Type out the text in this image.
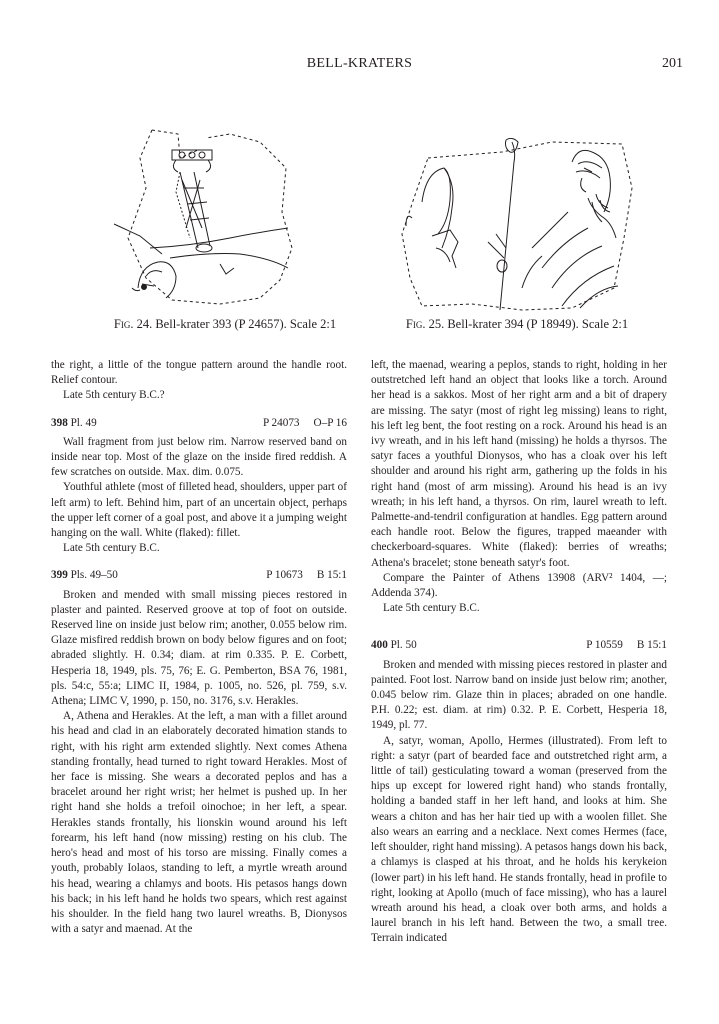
BELL-KRATERS	201
Fig. 24. Bell-krater 393 (P 24657). Scale 2:1	Fig. 25. Bell-krater 394 (P 18949). Scale 2:1

the right, a little of the tongue pattern around the handle root. Relief contour.

Late 5th century B.C.?

398 Pl. 49	P 24073 O–P 16

Wall fragment from just below rim. Narrow reserved band on inside near top. Most of the glaze on the inside fired reddish. A few scratches on outside. Max. dim. 0.075.

Youthful athlete (most of filleted head, shoulders, upper part of left arm) to left. Behind him, part of an uncertain object, perhaps the upper left corner of a goal post, and above it a jumping weight hanging on the wall. White (flaked): fillet.

Late 5th century B.C.

399 Pls. 49–50	P 10673 B 15:1

Broken and mended with small missing pieces restored in plaster and painted. Reserved groove at top of foot on outside. Reserved line on inside just below rim; another, 0.055 below rim. Glaze misfired reddish brown on body below figures and on foot; abraded slightly. H. 0.34; diam. at rim 0.335. P. E. Corbett, Hesperia 18, 1949, pls. 75, 76; E. G. Pemberton, BSA 76, 1981, pls. 54:c, 55:a; LIMC II, 1984, p. 1005, no. 526, pl. 759, s.v. Athena; LIMC V, 1990, p. 150, no. 3176, s.v. Herakles.

A, Athena and Herakles. At the left, a man with a fillet around his head and clad in an elaborately decorated himation stands to right, with his right arm extended slightly. Next comes Athena standing frontally, head turned to right toward Herakles. Most of her face is missing. She wears a decorated peplos and has a bracelet around her right wrist; her helmet is pushed up. In her right hand she holds a trefoil oinochoe; in her left, a spear. Herakles stands frontally, his lionskin wound around his left forearm, his left hand (now missing) resting on his club. The hero's head and most of his torso are missing. Finally comes a youth, probably Iolaos, standing to left, a myrtle wreath around his head, wearing a chlamys and boots. His petasos hangs down his back; in his left hand he holds two spears, which rest against his shoulder. In the field hang two laurel wreaths. B, Dionysos with a satyr and maenad. At the

left, the maenad, wearing a peplos, stands to right, holding in her outstretched left hand an object that looks like a torch. Around her head is a sakkos. Most of her right arm and a bit of drapery are missing. The satyr (most of right leg missing) leans to right, his left leg bent, the foot resting on a rock. Around his head is an ivy wreath, and in his left hand (missing) he holds a thyrsos. The satyr faces a youthful Dionysos, who has a cloak over his left shoulder and around his right arm, gathering up the folds in his right hand (most of arm missing). Around his head is an ivy wreath; in his left hand, a thyrsos. On rim, laurel wreath to left. Palmette-and-tendril configuration at handles. Egg pattern around each handle root. Below the figures, trapped maeander with checkerboard-squares. White (flaked): berries of wreaths; Athena's bracelet; stone beneath satyr's foot.

Compare the Painter of Athens 13908 (ARV² 1404, —; Addenda 374).

Late 5th century B.C.

400 Pl. 50	P 10559 B 15:1

Broken and mended with missing pieces restored in plaster and painted. Foot lost. Narrow band on inside just below rim; another, 0.045 below rim. Glaze thin in places; abraded on one handle. P.H. 0.22; est. diam. at rim) 0.32. P. E. Corbett, Hesperia 18, 1949, pl. 77.

A, satyr, woman, Apollo, Hermes (illustrated). From left to right: a satyr (part of bearded face and outstretched right arm, a little of tail) gesticulating toward a woman (preserved from the hips up except for lowered right hand) who stands frontally, holding a banded staff in her left hand, and looks at him. She wears a chiton and has her hair tied up with a woolen fillet. She also wears an earring and a necklace. Next comes Hermes (face, left shoulder, right hand missing). A petasos hangs down his back, a chlamys is clasped at his throat, and he holds his kerykeion (lower part) in his left hand. He stands frontally, head in profile to right, looking at Apollo (much of face missing), who has a laurel wreath around his head, a cloak over both arms, and holds a laurel branch in his left hand. Between the two, a small tree. Terrain indicated
